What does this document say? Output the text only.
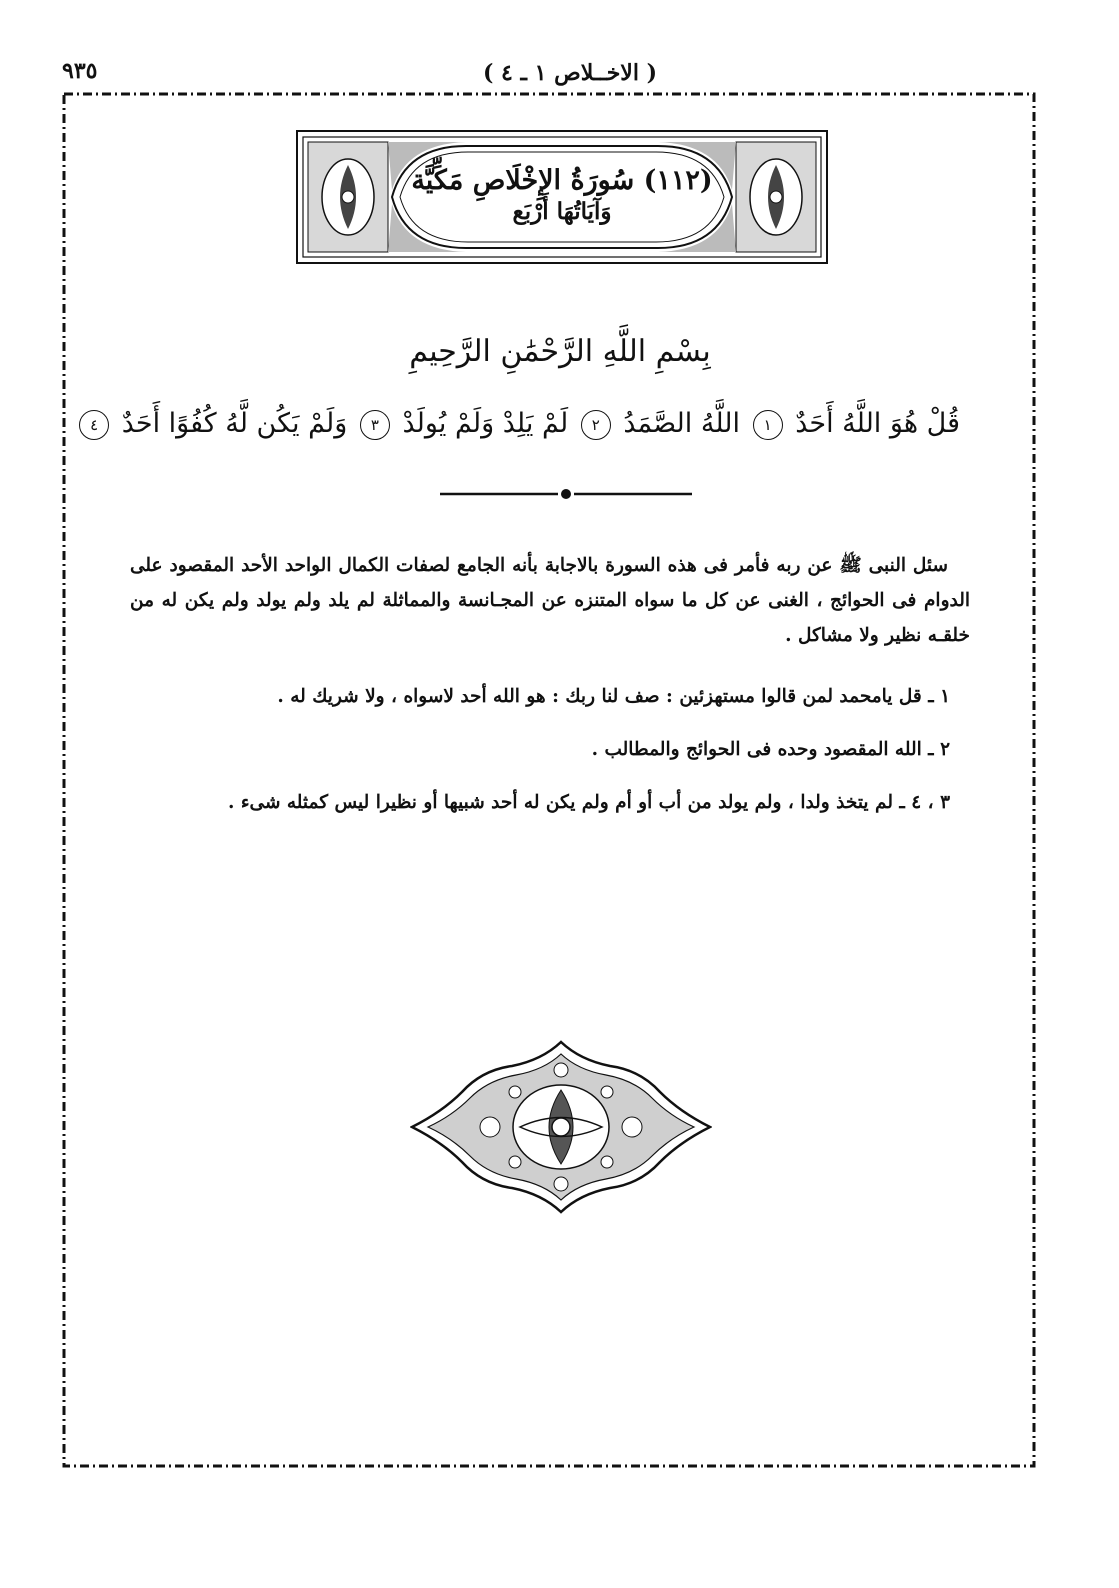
٩٣٥	( الاخــلاص ١ ـ ٤ )
(١١٢) سُورَةُ الإِخْلَاصِ مَكِّيَّة
وَآيَاتُهَا أَرْبَع
بِسْمِ اللَّهِ الرَّحْمَٰنِ الرَّحِيمِ
قُلْ هُوَ اللَّهُ أَحَدٌ ١ اللَّهُ الصَّمَدُ ٢ لَمْ يَلِدْ وَلَمْ يُولَدْ ٣ وَلَمْ يَكُن لَّهُ كُفُوًا أَحَدٌ ٤

سئل النبى ﷺ عن ربه فأمر فى هذه السورة بالاجابة بأنه الجامع لصفات الكمال الواحد الأحد المقصود على الدوام فى الحوائج ، الغنى عن كل ما سواه المتنزه عن المجـانسة والمماثلة لم يلد ولم يولد ولم يكن له من خلقـه نظير ولا مشاكل .

١ ـ قل يامحمد لمن قالوا مستهزئين : صف لنا ربك : هو الله أحد لاسواه ، ولا شريك له .
٢ ـ الله المقصود وحده فى الحوائج والمطالب .
٣ ، ٤ ـ لم يتخذ ولدا ، ولم يولد من أب أو أم ولم يكن له أحد شبيها أو نظيرا ليس كمثله شىء .
